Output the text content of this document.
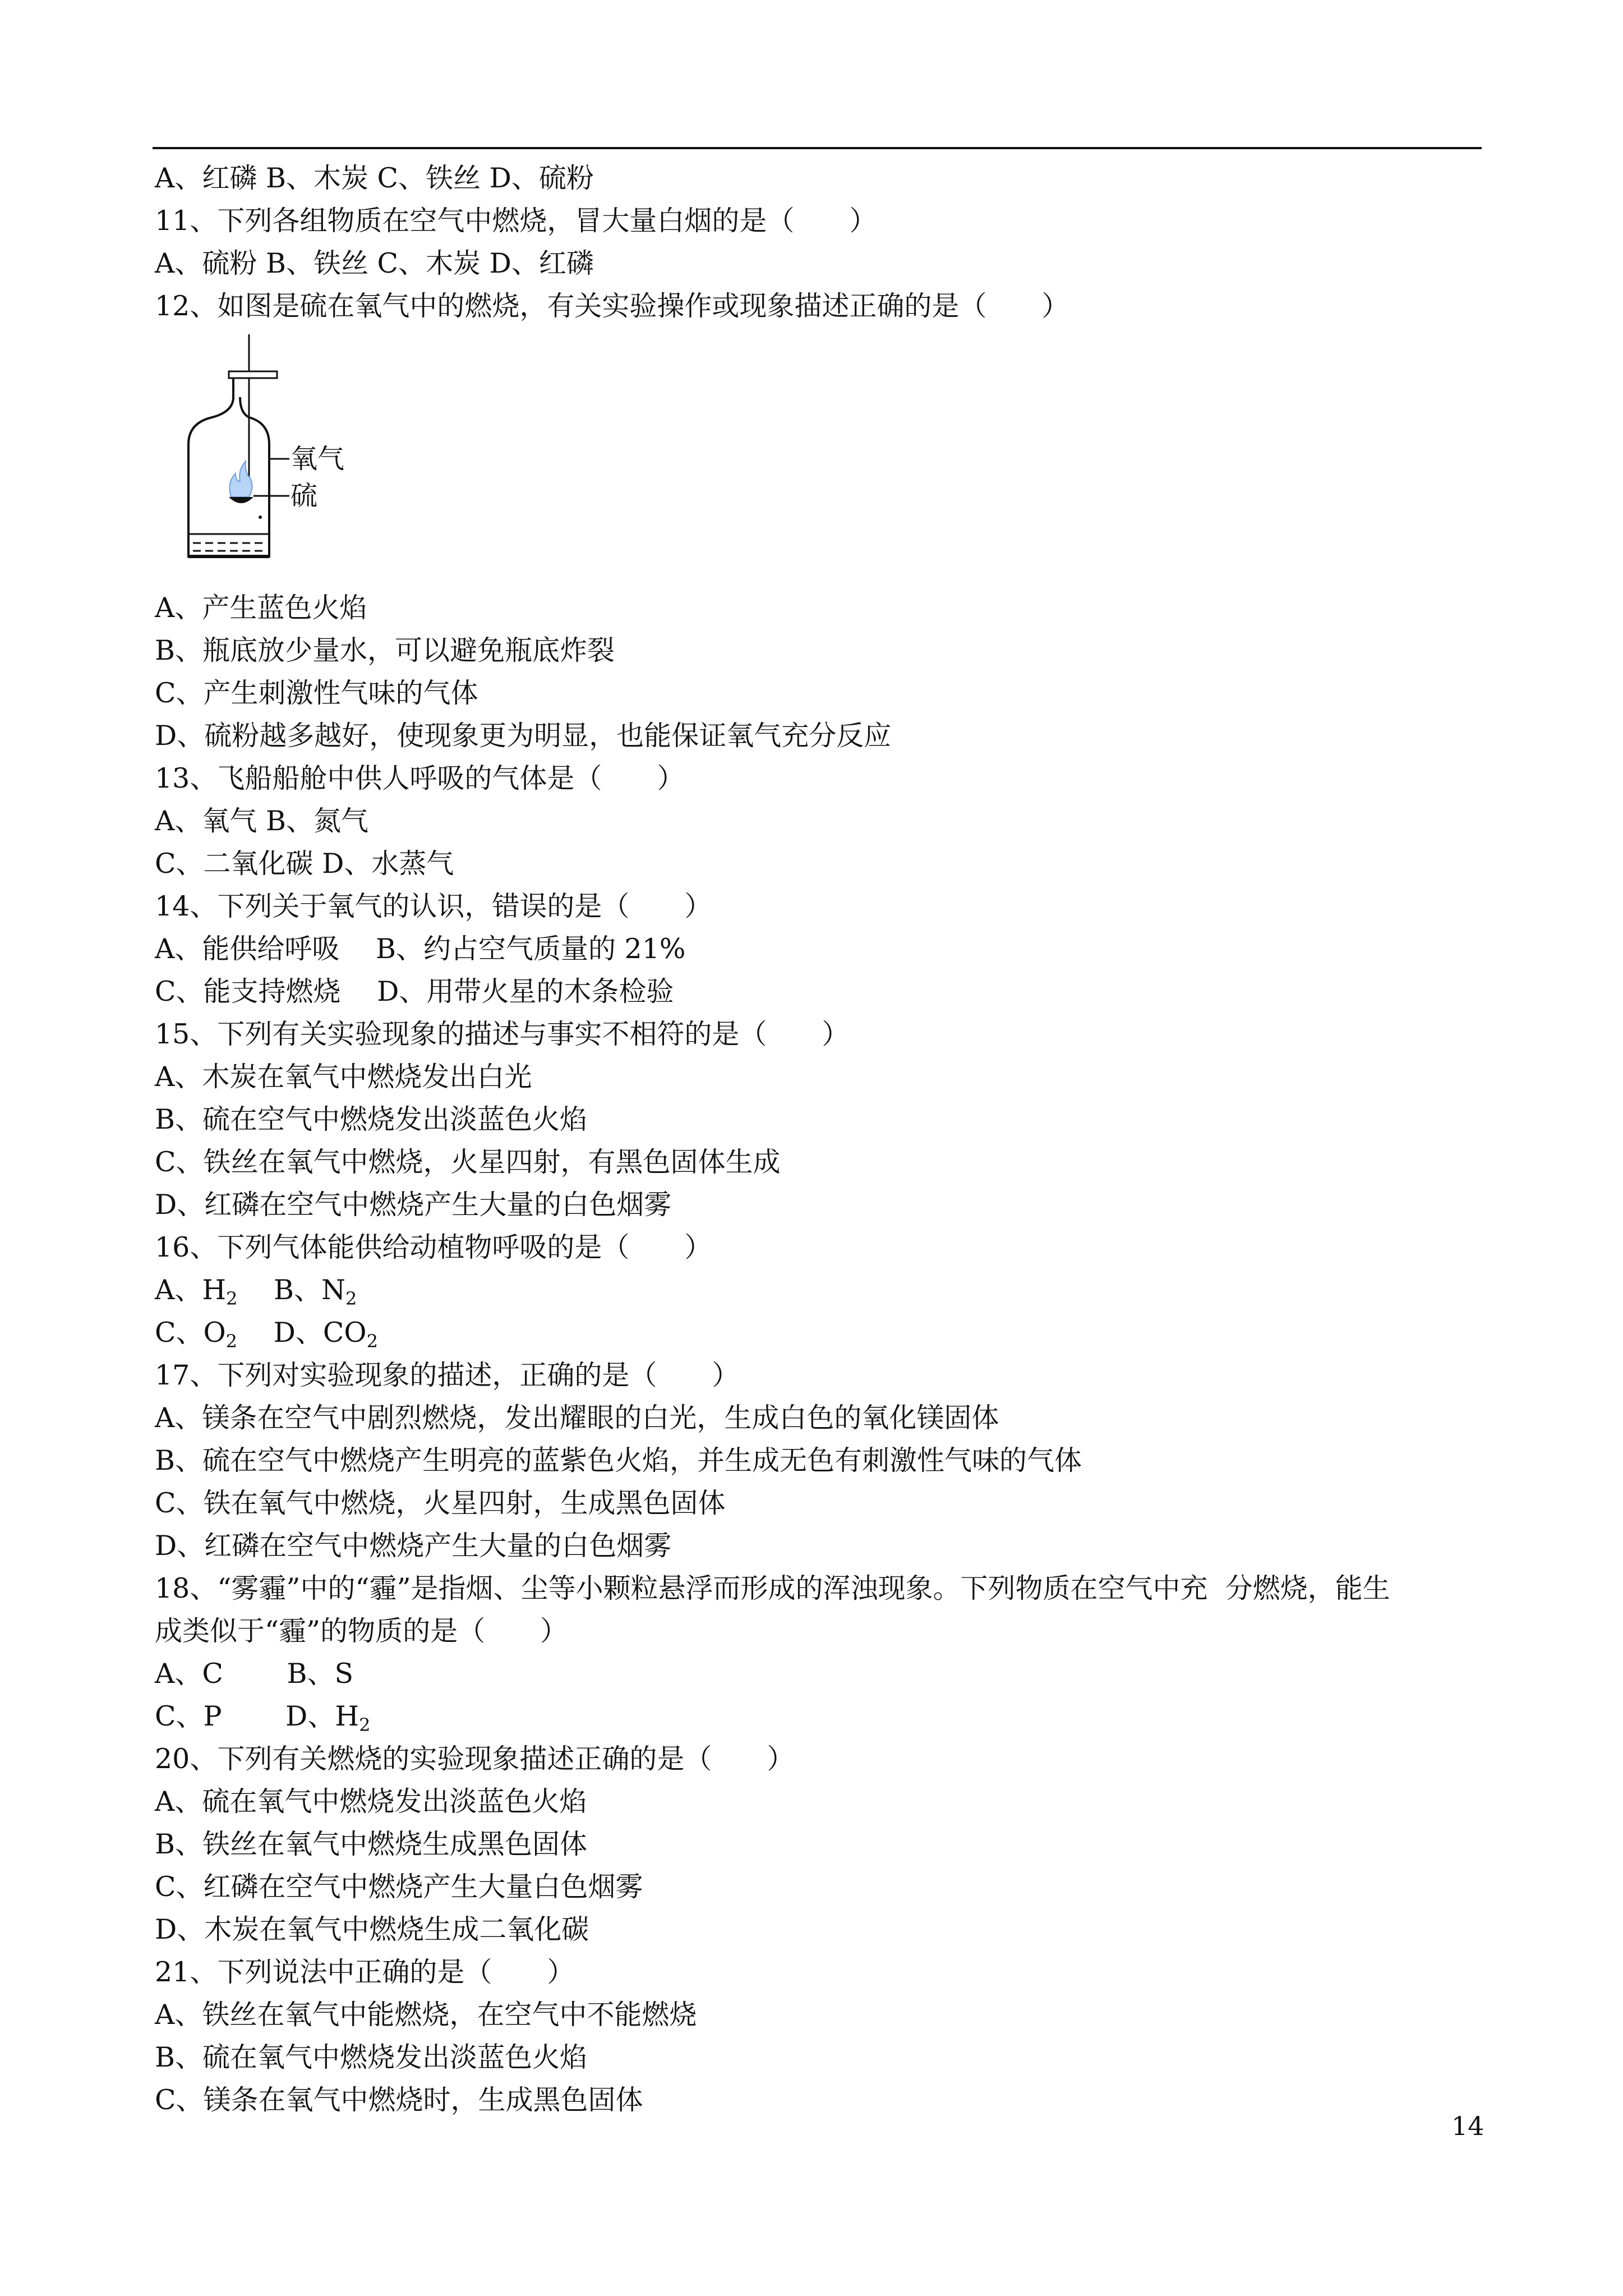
A、红磷 B、木炭 C、铁丝 D、硫粉

11、下列各组物质在空气中燃烧，冒大量白烟的是（　　）

A、硫粉 B、铁丝 C、木炭 D、红磷

12、如图是硫在氧气中的燃烧，有关实验操作或现象描述正确的是（　　）

氧气
硫

A、产生蓝色火焰

B、瓶底放少量水，可以避免瓶底炸裂

C、产生刺激性气味的气体

D、硫粉越多越好，使现象更为明显，也能保证氧气充分反应

13、飞船船舱中供人呼吸的气体是（　　）

A、氧气 B、氮气

C、二氧化碳 D、水蒸气

14、下列关于氧气的认识，错误的是（　　）

A、能供给呼吸　 B、约占空气质量的 21%

C、能支持燃烧　 D、用带火星的木条检验

15、下列有关实验现象的描述与事实不相符的是（　　）

A、木炭在氧气中燃烧发出白光

B、硫在空气中燃烧发出淡蓝色火焰

C、铁丝在氧气中燃烧，火星四射，有黑色固体生成

D、红磷在空气中燃烧产生大量的白色烟雾

16、下列气体能供给动植物呼吸的是（　　）

A、$H_2$　 B、$N_2$

C、$O_2$　 D、$CO_2$

17、下列对实验现象的描述，正确的是（　　）

A、镁条在空气中剧烈燃烧，发出耀眼的白光，生成白色的氧化镁固体

B、硫在空气中燃烧产生明亮的蓝紫色火焰，并生成无色有刺激性气味的气体

C、铁在氧气中燃烧，火星四射，生成黑色固体

D、红磷在空气中燃烧产生大量的白色烟雾

18、“雾霾”中的“霾”是指烟、尘等小颗粒悬浮而形成的浑浊现象。下列物质在空气中充  分燃烧，能生

成类似于“霾”的物质的是（　　）

A、C　　 B、S

C、P　　 D、$H_2$

20、下列有关燃烧的实验现象描述正确的是（　　）

A、硫在氧气中燃烧发出淡蓝色火焰

B、铁丝在氧气中燃烧生成黑色固体

C、红磷在空气中燃烧产生大量白色烟雾

D、木炭在氧气中燃烧生成二氧化碳

21、下列说法中正确的是（　　）

A、铁丝在氧气中能燃烧，在空气中不能燃烧

B、硫在氧气中燃烧发出淡蓝色火焰

C、镁条在氧气中燃烧时，生成黑色固体

14
